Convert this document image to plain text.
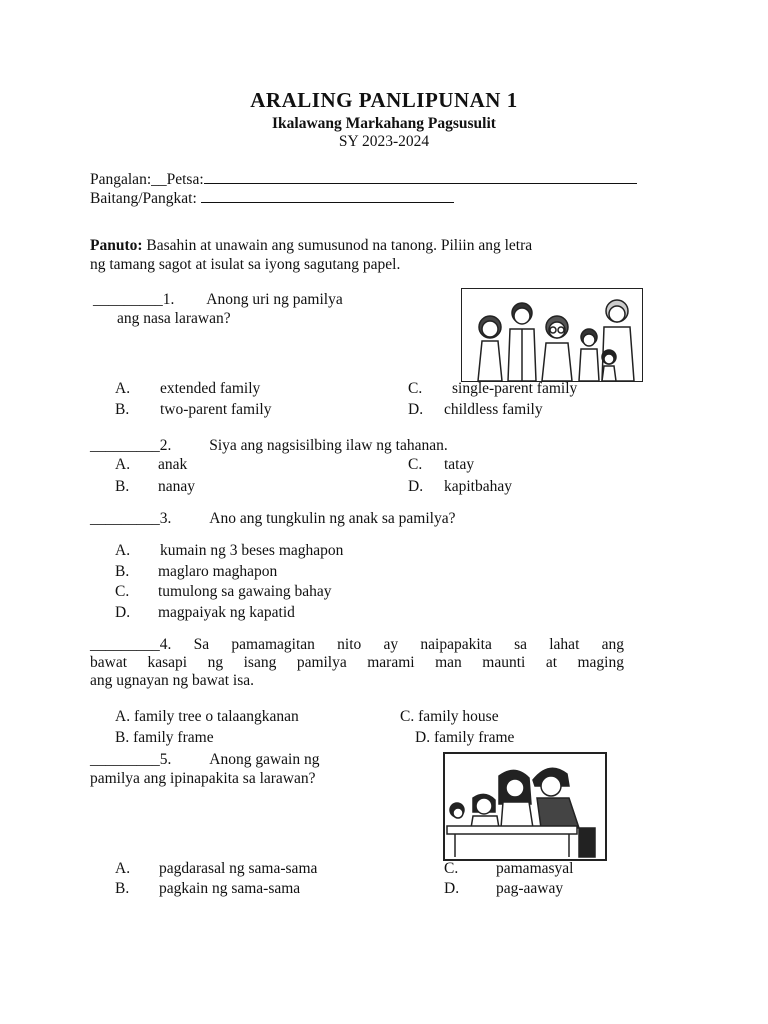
ARALING PANLIPUNAN 1
Ikalawang Markahang Pagsusulit
SY 2023-2024
Pangalan:__Petsa:
Baitang/Pangkat:
Panuto: Basahin at unawain ang sumusunod na tanong. Piliin ang letra
ng tamang sagot at isulat sa iyong sagutang papel.
_________1. Anong uri ng pamilya
ang nasa larawan?
A. extended family
B. two-parent family
C. single-parent family
D. childless family
_________2. Siya ang nagsisilbing ilaw ng tahanan.
A. anak
B. nanay
C. tatay
D. kapitbahay
_________3. Ano ang tungkulin ng anak sa pamilya?
A. kumain ng 3 beses maghapon
B. maglaro maghapon
C. tumulong sa gawaing bahay
D. magpaiyak ng kapatid
_________4. Sa pamamagitan nito ay naipapakita sa lahat ang
bawat kasapi ng isang pamilya marami man maunti at maging
ang ugnayan ng bawat isa.
A. family tree o talaangkanan
B. family frame
C. family house
D. family frame
_________5. Anong gawain ng
pamilya ang ipinapakita sa larawan?
A. pagdarasal ng sama-sama
B. pagkain ng sama-sama
C. pamamasyal
D. pag-aaway
